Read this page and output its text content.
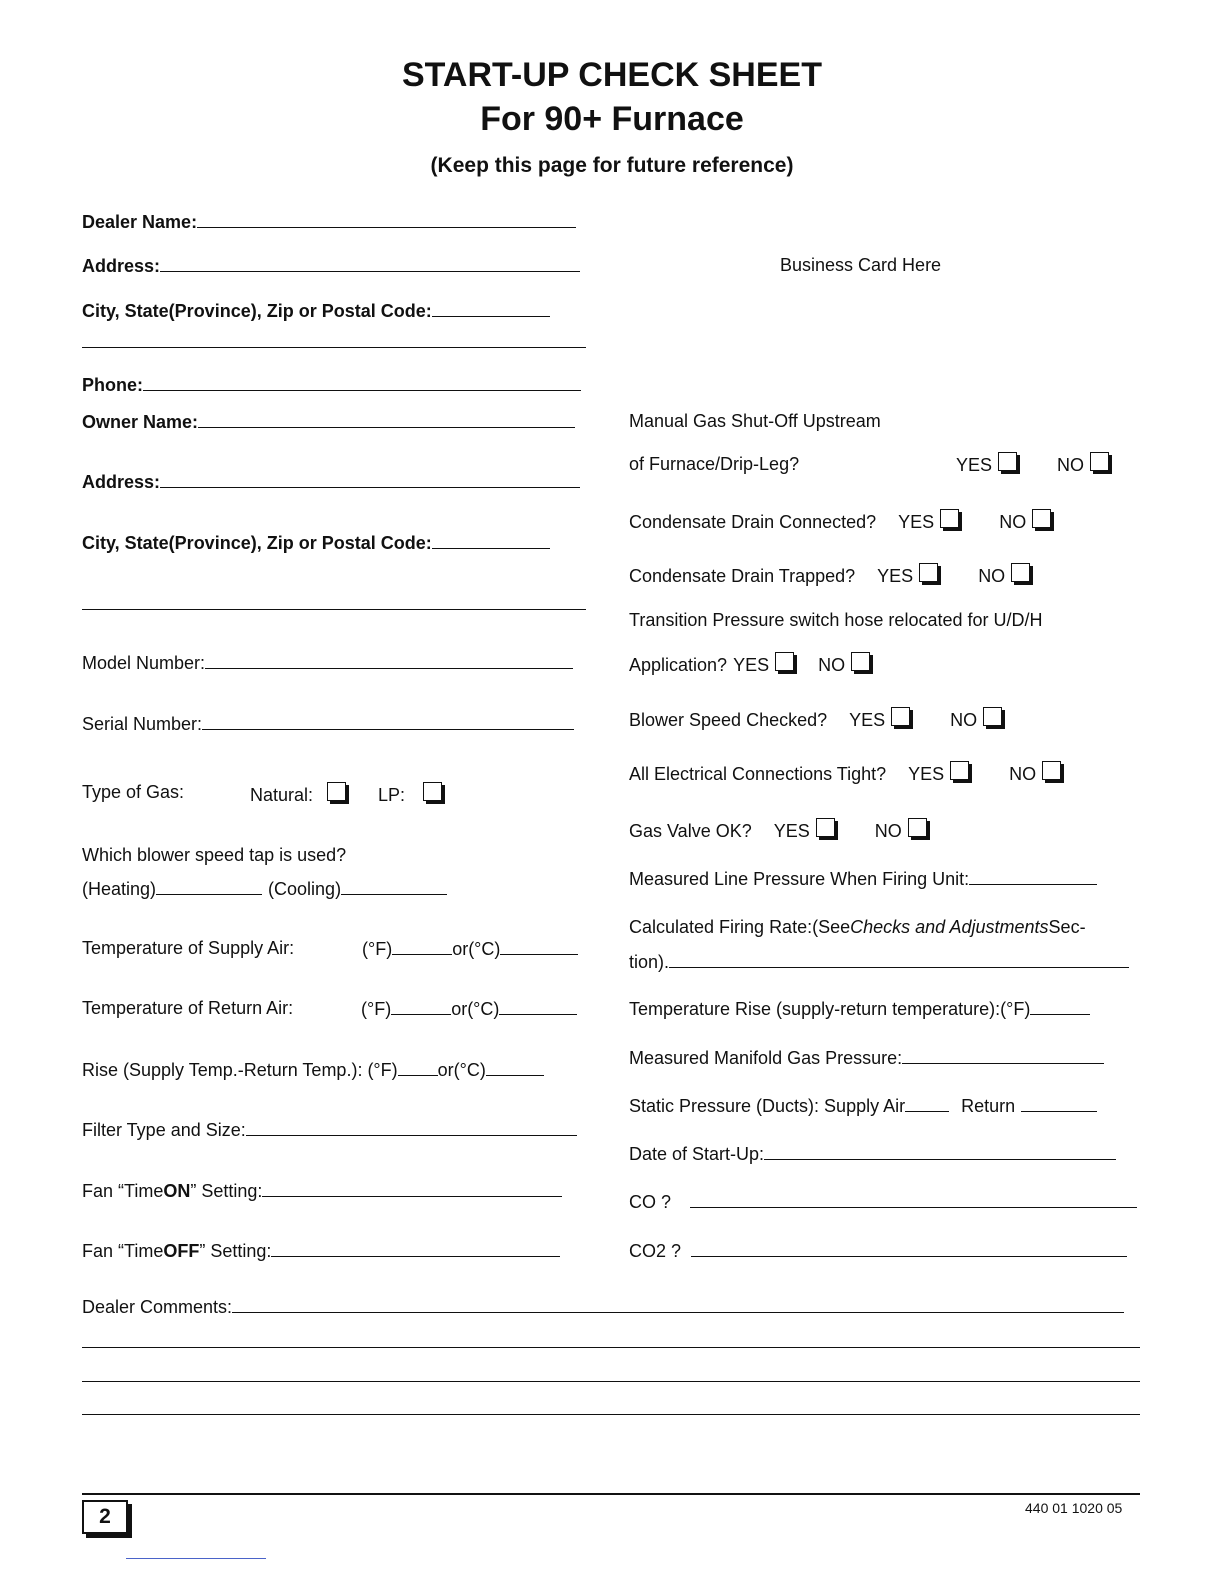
START-UP CHECK SHEET
For 90+ Furnace
(Keep this page for future reference)
Dealer Name:
Address:
City, State(Province), Zip or Postal Code:
Phone:
Owner Name:
Address:
City, State(Province), Zip or Postal Code:
Model Number:
Serial Number:
Type of Gas:	Natural:	LP:
Which blower speed tap is used?
(Heating)	(Cooling)
Temperature of Supply Air:	(°F)	or(°C)
Temperature of Return Air:	(°F)	or(°C)
Rise (Supply Temp.-Return Temp.): (°F) or(°C)
Filter Type and Size:
Fan “Time ON ” Setting:
Fan “Time OFF ” Setting:
Business Card Here
Manual Gas Shut-Off Upstream
of Furnace/Drip-Leg?	YES	NO
Condensate Drain Connected? YES	NO
Condensate Drain Trapped? YES	NO
Transition Pressure switch hose relocated for U/D/H
Application? YES	NO
Blower Speed Checked? YES	NO
All Electrical Connections Tight? YES	NO
Gas Valve OK? YES	NO
Measured Line Pressure When Firing Unit:
Calculated Firing Rate:(See Checks and Adjustments Sec-
tion).
Temperature Rise (supply-return temperature):(°F)
Measured Manifold Gas Pressure:
Static Pressure (Ducts): Supply Air	Return
Date of Start-Up:
CO ?
CO2 ?
Dealer Comments:
2	440 01 1020 05
